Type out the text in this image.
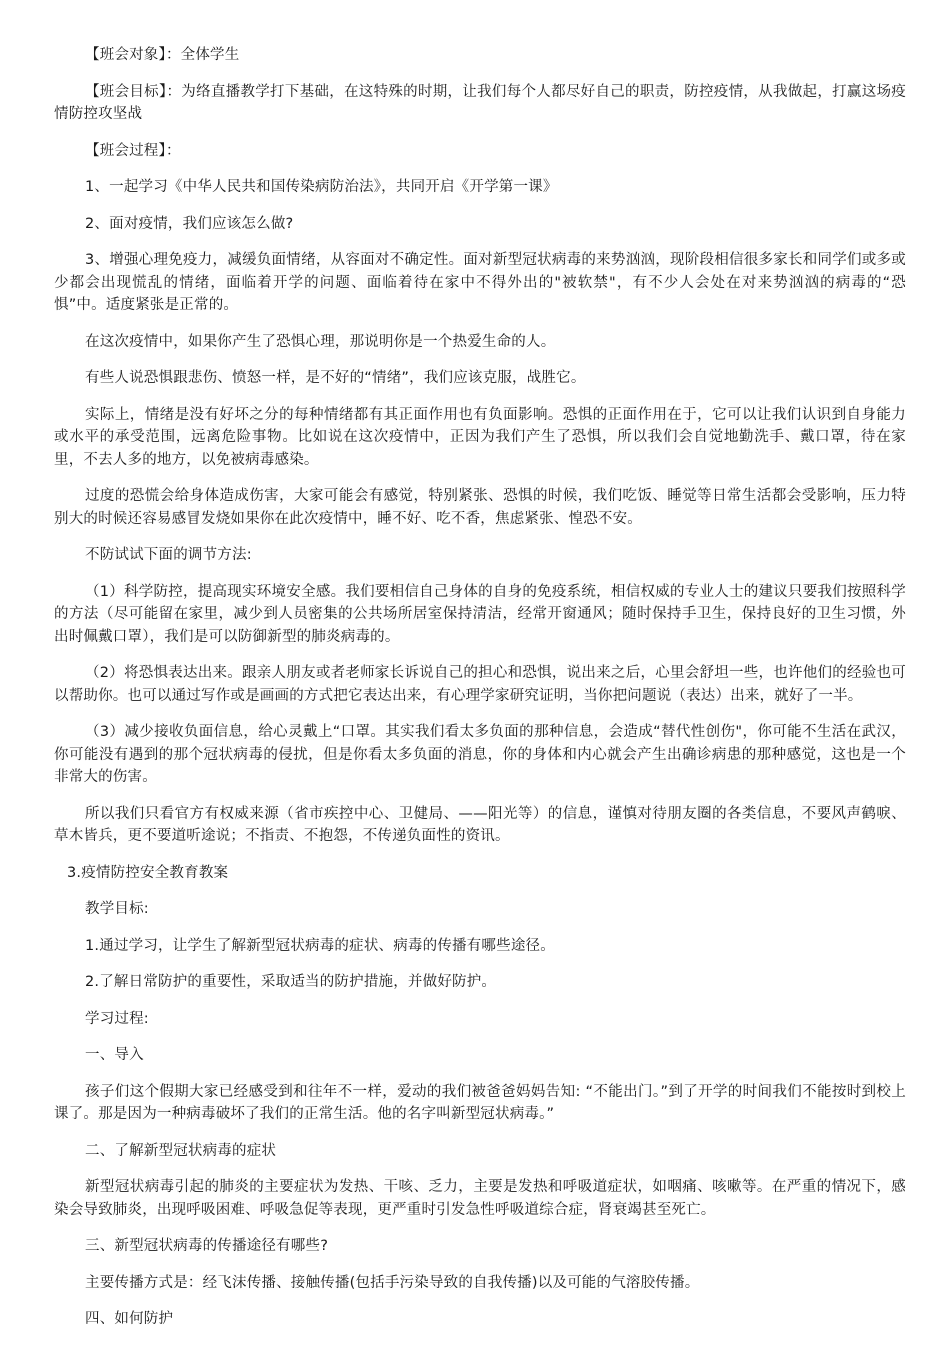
【班会对象】：全体学生

【班会目标】：为络直播教学打下基础，在这特殊的时期，让我们每个人都尽好自己的职责，防控疫情，从我做起，打赢这场疫情防控攻坚战

【班会过程】：

1、一起学习《中华人民共和国传染病防治法》，共同开启《开学第一课》

2、面对疫情，我们应该怎么做?

3、增强心理免疫力，减缓负面情绪，从容面对不确定性。面对新型冠状病毒的来势汹汹，现阶段相信很多家长和同学们或多或少都会出现慌乱的情绪，面临着开学的问题、面临着待在家中不得外出的"被软禁"，有不少人会处在对来势汹汹的病毒的“恐惧”中。适度紧张是正常的。

在这次疫情中，如果你产生了恐惧心理，那说明你是一个热爱生命的人。

有些人说恐惧跟悲伤、愤怒一样，是不好的“情绪”，我们应该克服，战胜它。

实际上，情绪是没有好坏之分的每种情绪都有其正面作用也有负面影响。恐惧的正面作用在于，它可以让我们认识到自身能力或水平的承受范围，远离危险事物。比如说在这次疫情中，正因为我们产生了恐惧，所以我们会自觉地勤洗手、戴口罩，待在家里，不去人多的地方，以免被病毒感染。

过度的恐慌会给身体造成伤害，大家可能会有感觉，特别紧张、恐惧的时候，我们吃饭、睡觉等日常生活都会受影响，压力特别大的时候还容易感冒发烧如果你在此次疫情中，睡不好、吃不香，焦虑紧张、惶恐不安。

不防试试下面的调节方法:

（1）科学防控，提高现实环境安全感。我们要相信自己身体的自身的免疫系统，相信权威的专业人士的建议只要我们按照科学的方法（尽可能留在家里，减少到人员密集的公共场所居室保持清洁，经常开窗通风；随时保持手卫生，保持良好的卫生习惯，外出时佩戴口罩），我们是可以防御新型的肺炎病毒的。

（2）将恐惧表达出来。跟亲人朋友或者老师家长诉说自己的担心和恐惧，说出来之后，心里会舒坦一些，也许他们的经验也可以帮助你。也可以通过写作或是画画的方式把它表达出来，有心理学家研究证明，当你把问题说（表达）出来，就好了一半。

（3）减少接收负面信息，给心灵戴上“口罩。其实我们看太多负面的那种信息，会造成“替代性创伤"，你可能不生活在武汉，你可能没有遇到的那个冠状病毒的侵扰，但是你看太多负面的消息，你的身体和内心就会产生出确诊病患的那种感觉，这也是一个非常大的伤害。

所以我们只看官方有权威来源（省市疾控中心、卫健局、——阳光等）的信息，谨慎对待朋友圈的各类信息，不要风声鹤唳、草木皆兵，更不要道听途说；不指责、不抱怨，不传递负面性的资讯。

3.疫情防控安全教育教案

教学目标:

1.通过学习，让学生了解新型冠状病毒的症状、病毒的传播有哪些途径。

2.了解日常防护的重要性，采取适当的防护措施，并做好防护。

学习过程:

一、导入

孩子们这个假期大家已经感受到和往年不一样，爱动的我们被爸爸妈妈告知: “不能出门。”到了开学的时间我们不能按时到校上课了。那是因为一种病毒破坏了我们的正常生活。他的名字叫新型冠状病毒。”

二、了解新型冠状病毒的症状

新型冠状病毒引起的肺炎的主要症状为发热、干咳、乏力，主要是发热和呼吸道症状，如咽痛、咳嗽等。在严重的情况下，感染会导致肺炎，出现呼吸困难、呼吸急促等表现，更严重时引发急性呼吸道综合症，肾衰竭甚至死亡。

三、新型冠状病毒的传播途径有哪些?

主要传播方式是：经飞沫传播、接触传播(包括手污染导致的自我传播)以及可能的气溶胶传播。

四、如何防护
